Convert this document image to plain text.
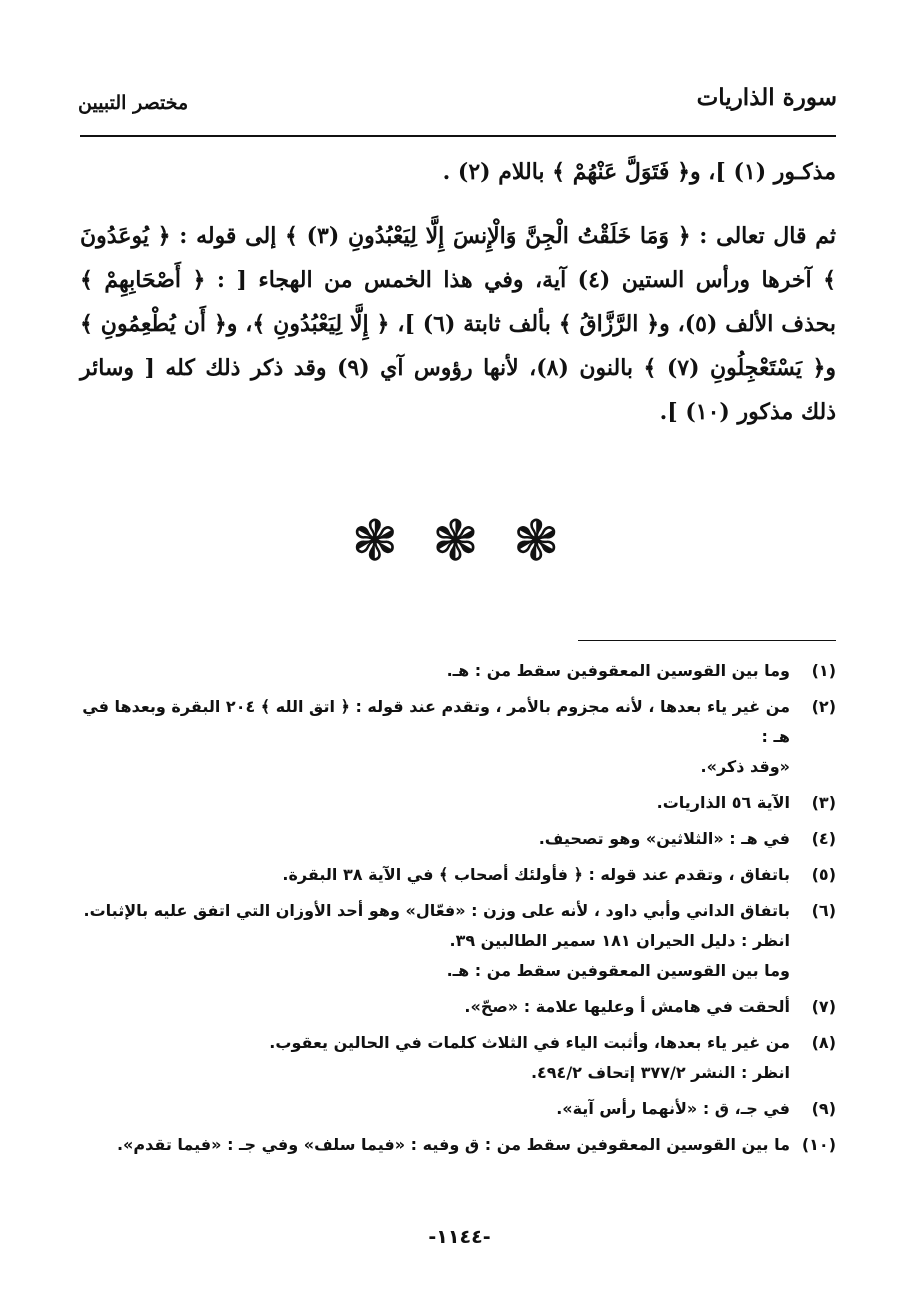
سورة الذاريات
مختصر التبيين

مذكـور (١) ]، و﴿ فَتَوَلَّ عَنْهُمْ ﴾ باللام (٢) .

ثم قال تعالى : ﴿ وَمَا خَلَقْتُ الْجِنَّ وَالْإِنسَ إِلَّا لِيَعْبُدُونِ (٣) ﴾ إلى قوله : ﴿ يُوعَدُونَ ﴾ آخرها ورأس الستين (٤) آية، وفي هذا الخمس من الهجاء [ : ﴿ أَصْحَابِهِمْ ﴾ بحذف الألف (٥)، و﴿ الرَّزَّاقُ ﴾ بألف ثابتة (٦) ]، ﴿ إِلَّا لِيَعْبُدُونِ ﴾، و﴿ أَن يُطْعِمُونِ ﴾ و﴿ يَسْتَعْجِلُونِ (٧) ﴾ بالنون (٨)، لأنها رؤوس آي (٩) وقد ذكر ذلك كله [ وسائر ذلك مذكور (١٠) ].

❃ ❃ ❃
(١)
وما بين القوسين المعقوفين سقط من : هـ.
(٢)
من غير ياء بعدها ، لأنه مجزوم بالأمر ، وتقدم عند قوله : ﴿ اتق الله ﴾ ٢٠٤ البقرة وبعدها في هـ :
«وقد ذكر».
(٣)
الآية ٥٦ الذاريات.
(٤)
في هـ : «الثلاثين» وهو تصحيف.
(٥)
باتفاق ، وتقدم عند قوله : ﴿ فأولئك أصحاب ﴾ في الآية ٣٨ البقرة.
(٦)
باتفاق الداني وأبي داود ، لأنه على وزن : «فعّال» وهو أحد الأوزان التي اتفق عليه بالإثبات.
انظر : دليل الحيران ١٨١ سمير الطالبين ٣٩.
وما بين القوسين المعقوفين سقط من : هـ.
(٧)
ألحقت في هامش أ وعليها علامة : «صحّ».
(٨)
من غير ياء بعدها، وأثبت الياء في الثلاث كلمات في الحالين يعقوب.
انظر : النشر ٣٧٧/٢ إتحاف ٤٩٤/٢.
(٩)
في جـ، ق : «لأنهما رأس آية».
(١٠)
ما بين القوسين المعقوفين سقط من : ق وفيه : «فيما سلف» وفي جـ : «فيما تقدم».
-١١٤٤-
